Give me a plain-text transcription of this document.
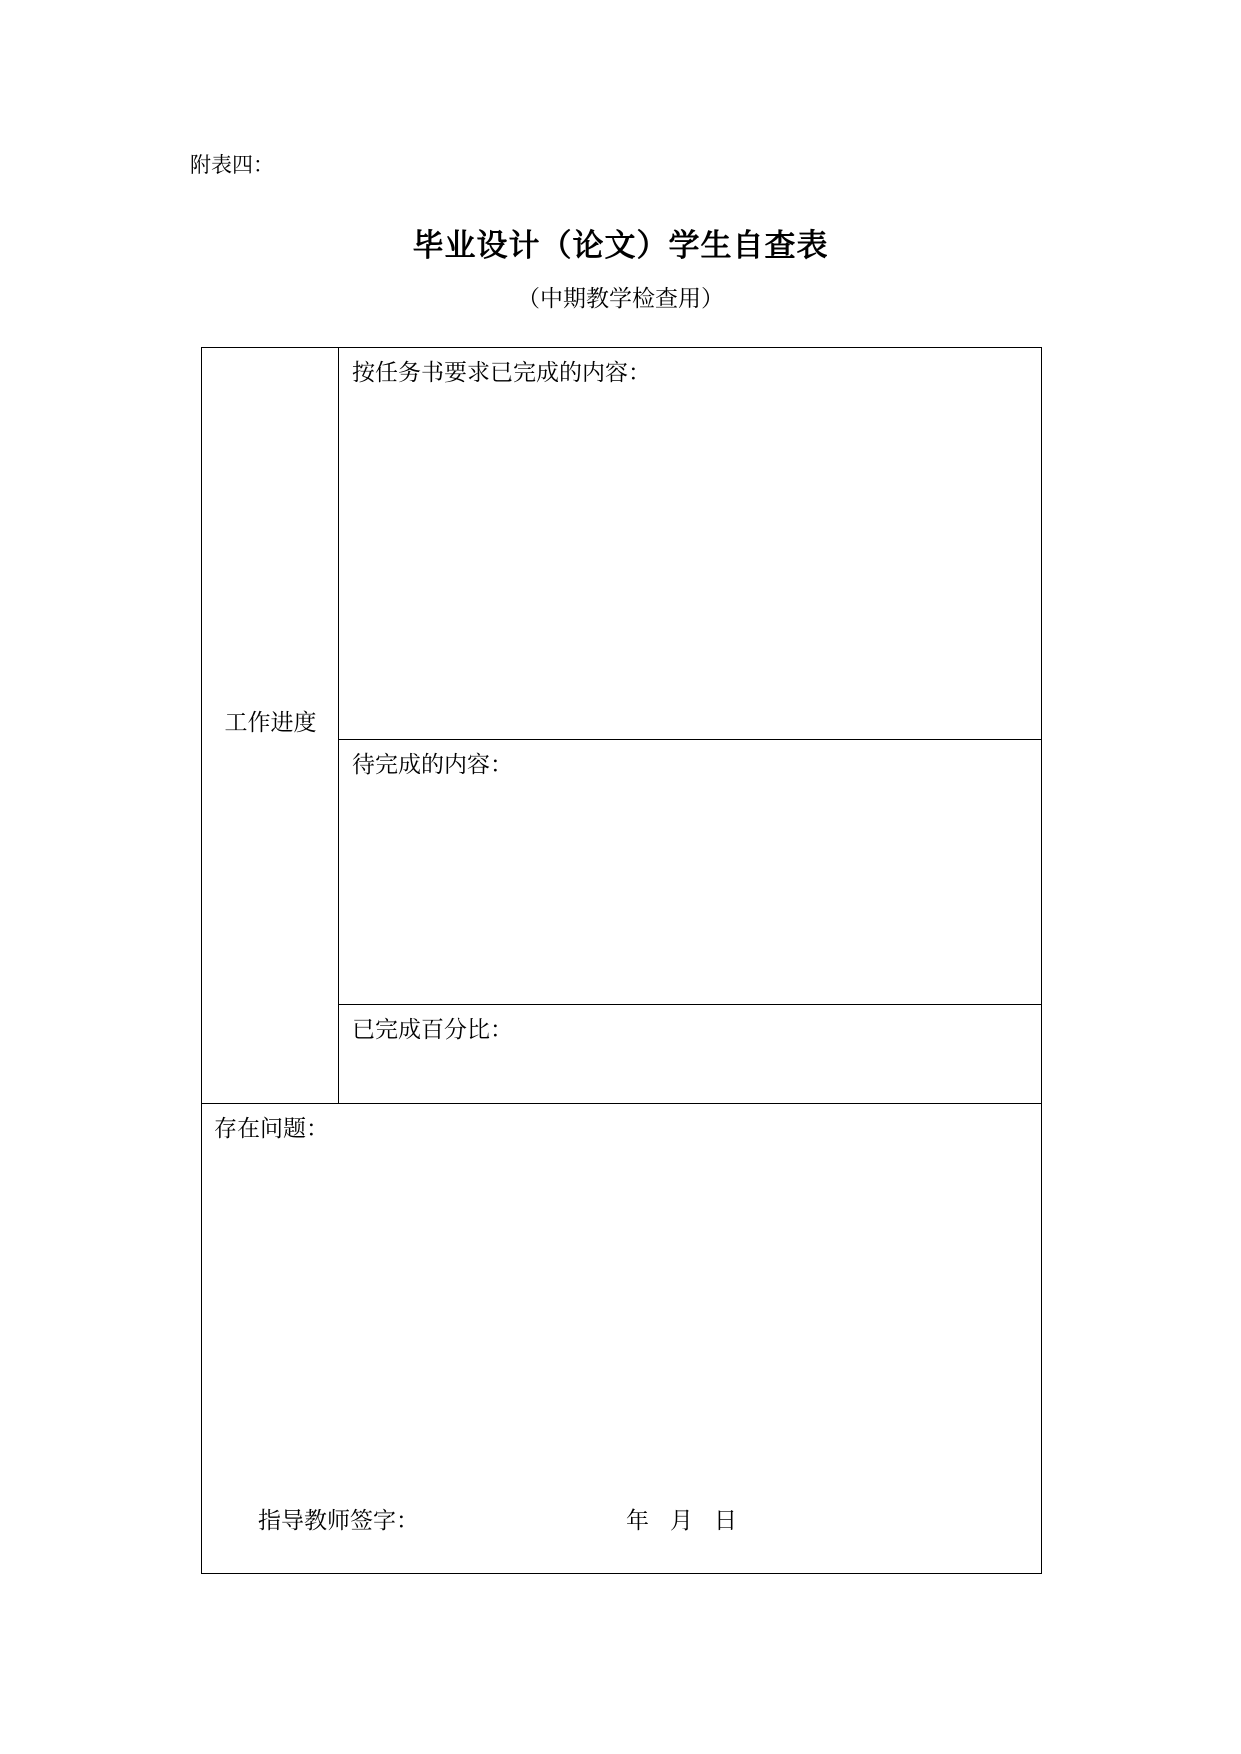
附表四：
毕业设计（论文）学生自查表
（中期教学检查用）
工作进度
按任务书要求已完成的内容：
待完成的内容：
已完成百分比：
存在问题：
指导教师签字：	年 月 日
